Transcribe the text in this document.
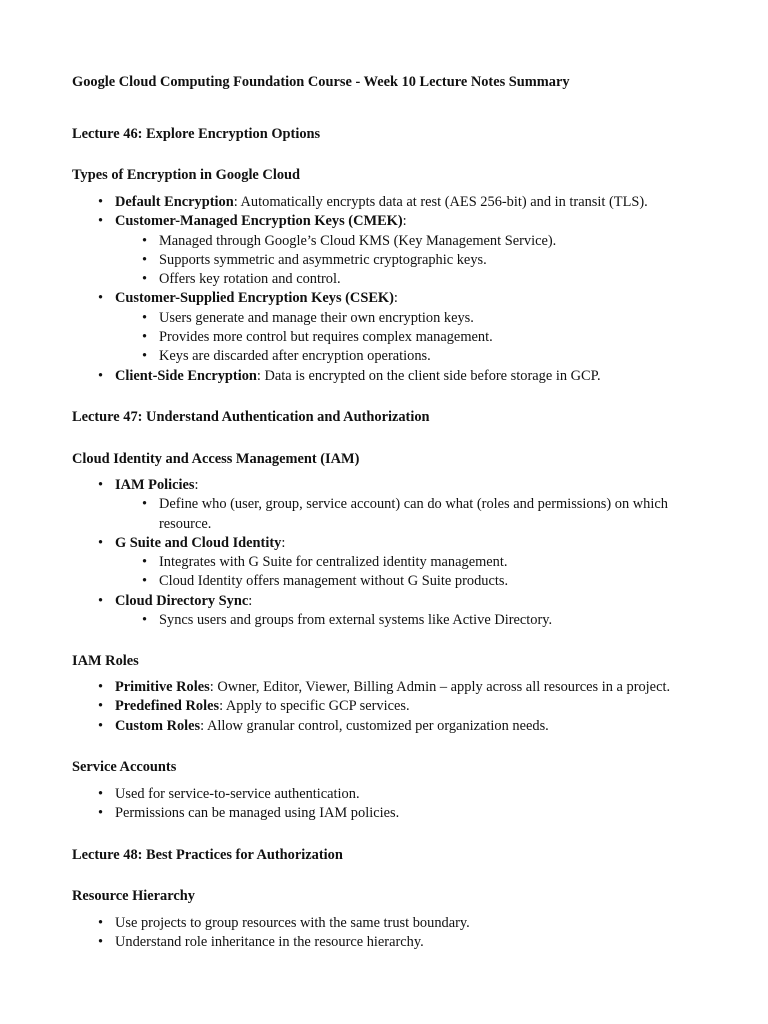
Google Cloud Computing Foundation Course - Week 10 Lecture Notes Summary
Lecture 46: Explore Encryption Options
Types of Encryption in Google Cloud
• Default Encryption: Automatically encrypts data at rest (AES 256-bit) and in transit (TLS).
• Customer-Managed Encryption Keys (CMEK):
• Managed through Google’s Cloud KMS (Key Management Service).
• Supports symmetric and asymmetric cryptographic keys.
• Offers key rotation and control.
• Customer-Supplied Encryption Keys (CSEK):
• Users generate and manage their own encryption keys.
• Provides more control but requires complex management.
• Keys are discarded after encryption operations.
• Client-Side Encryption: Data is encrypted on the client side before storage in GCP.
Lecture 47: Understand Authentication and Authorization
Cloud Identity and Access Management (IAM)
• IAM Policies:
• Define who (user, group, service account) can do what (roles and permissions) on which resource.
• G Suite and Cloud Identity:
• Integrates with G Suite for centralized identity management.
• Cloud Identity offers management without G Suite products.
• Cloud Directory Sync:
• Syncs users and groups from external systems like Active Directory.
IAM Roles
• Primitive Roles: Owner, Editor, Viewer, Billing Admin – apply across all resources in a project.
• Predefined Roles: Apply to specific GCP services.
• Custom Roles: Allow granular control, customized per organization needs.
Service Accounts
• Used for service-to-service authentication.
• Permissions can be managed using IAM policies.
Lecture 48: Best Practices for Authorization
Resource Hierarchy
• Use projects to group resources with the same trust boundary.
• Understand role inheritance in the resource hierarchy.
